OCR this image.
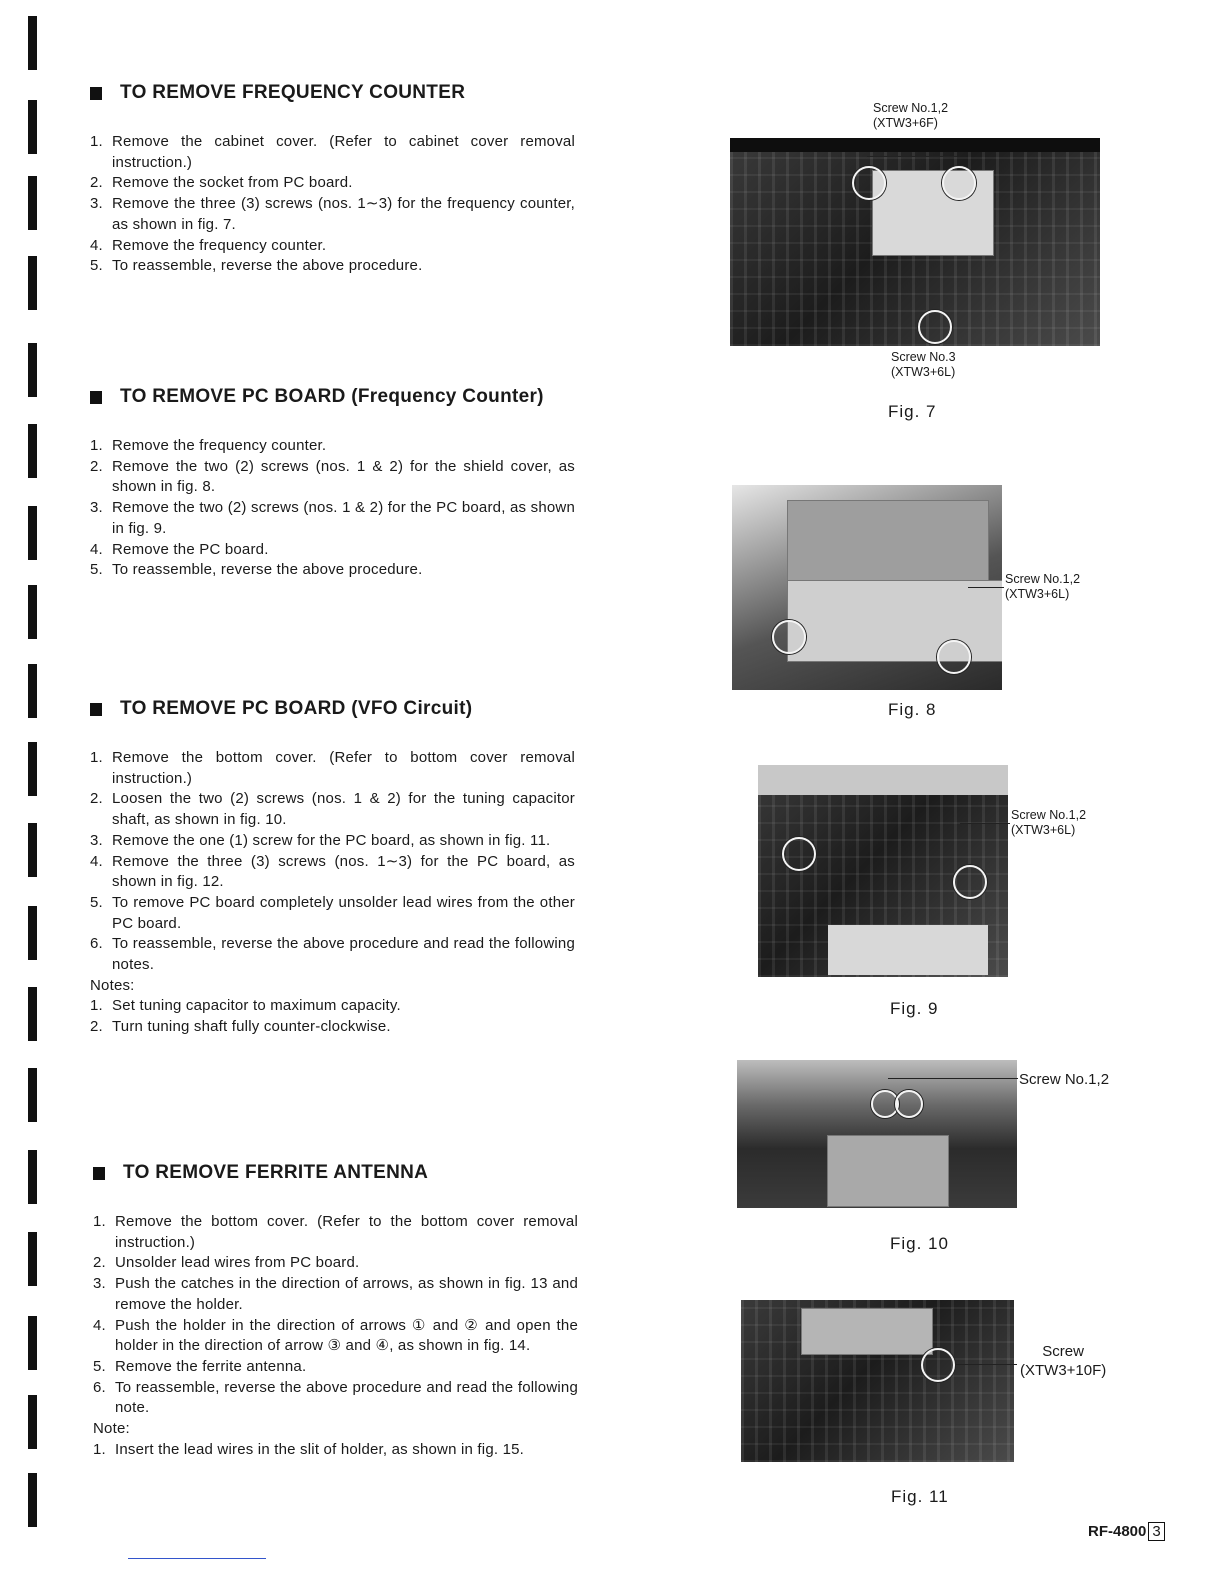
TO REMOVE FREQUENCY COUNTER
1. Remove the cabinet cover. (Refer to cabinet cover removal instruction.)
2. Remove the socket from PC board.
3. Remove the three (3) screws (nos. 1∼3) for the frequency counter, as shown in fig. 7.
4. Remove the frequency counter.
5. To reassemble, reverse the above procedure.
TO REMOVE PC BOARD (Frequency Counter)
1. Remove the frequency counter.
2. Remove the two (2) screws (nos. 1 & 2) for the shield cover, as shown in fig. 8.
3. Remove the two (2) screws (nos. 1 & 2) for the PC board, as shown in fig. 9.
4. Remove the PC board.
5. To reassemble, reverse the above procedure.
TO REMOVE PC BOARD (VFO Circuit)
1. Remove the bottom cover. (Refer to bottom cover removal instruction.)
2. Loosen the two (2) screws (nos. 1 & 2) for the tuning capacitor shaft, as shown in fig. 10.
3. Remove the one (1) screw for the PC board, as shown in fig. 11.
4. Remove the three (3) screws (nos. 1∼3) for the PC board, as shown in fig. 12.
5. To remove PC board completely unsolder lead wires from the other PC board.
6. To reassemble, reverse the above procedure and read the following notes.
Notes:
1. Set tuning capacitor to maximum capacity.
2. Turn tuning shaft fully counter-clockwise.
TO REMOVE FERRITE ANTENNA
1. Remove the bottom cover. (Refer to the bottom cover removal instruction.)
2. Unsolder lead wires from PC board.
3. Push the catches in the direction of arrows, as shown in fig. 13 and remove the holder.
4. Push the holder in the direction of arrows ① and ② and open the holder in the direction of arrow ③ and ④, as shown in fig. 14.
5. Remove the ferrite antenna.
6. To reassemble, reverse the above procedure and read the following note.
Note:
1. Insert the lead wires in the slit of holder, as shown in fig. 15.
Screw No.1,2
(XTW3+6F)
Screw No.3
(XTW3+6L)
Fig. 7
Screw No.1,2
(XTW3+6L)
Fig. 8
Screw No.1,2
(XTW3+6L)
Fig. 9
Screw No.1,2
Fig. 10
Screw
(XTW3+10F)
Fig. 11
RF-4800 3
